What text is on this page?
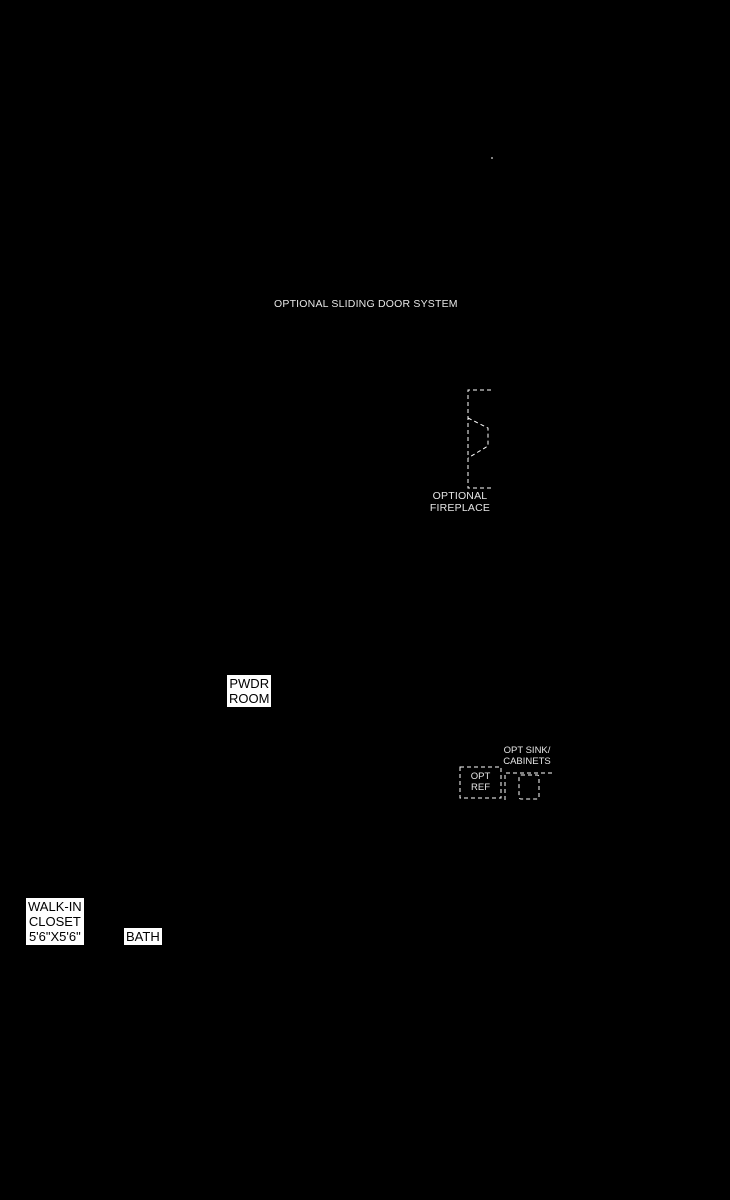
OPTIONAL SLIDING DOOR SYSTEM
OPTIONAL
FIREPLACE
PWDR
ROOM
OPT SINK/
CABINETS
OPT
REF
WALK-IN
CLOSET
5'6"X5'6"	BATH
